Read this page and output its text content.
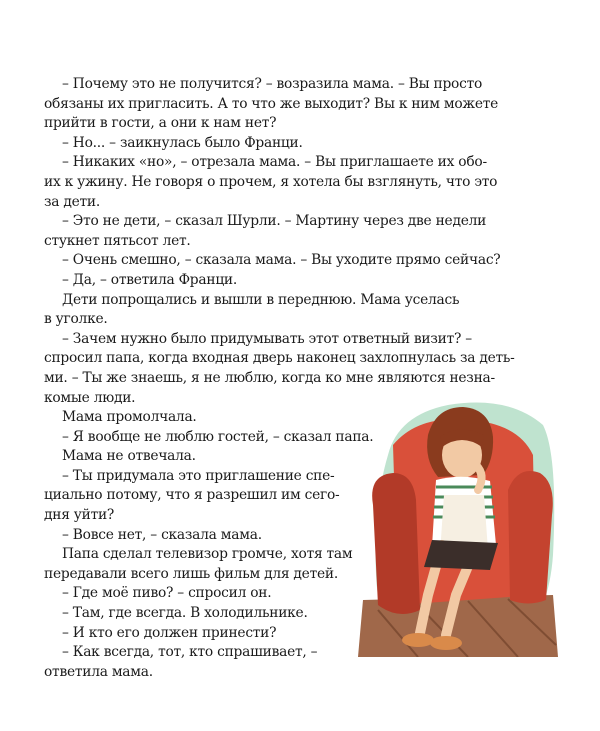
– Почему это не получится? – возразила мама. – Вы просто

обязаны их пригласить. А то что же выходит? Вы к ним можете

прийти в гости, а они к нам нет?

– Но... – заикнулась было Франци.

– Никаких «но», – отрезала мама. – Вы приглашаете их обо-

их к ужину. Не говоря о прочем, я хотела бы взглянуть, что это

за дети.

– Это не дети, – сказал Шурли. – Мартину через две недели

стукнет пятьсот лет.

– Очень смешно, – сказала мама. – Вы уходите прямо сейчас?

– Да, – ответила Франци.

Дети попрощались и вышли в переднюю. Мама уселась

в уголке.

– Зачем нужно было придумывать этот ответный визит? –

спросил папа, когда входная дверь наконец захлопнулась за деть-

ми. – Ты же знаешь, я не люблю, когда ко мне являются незна-

комые люди.

Мама промолчала.

– Я вообще не люблю гостей, – сказал папа.

Мама не отвечала.

– Ты придумала это приглашение спе-

циально потому, что я разрешил им сего-

дня уйти?

– Вовсе нет, – сказала мама.

Папа сделал телевизор громче, хотя там

передавали всего лишь фильм для детей.

– Где моё пиво? – спросил он.

– Там, где всегда. В холодильнике.

– И кто его должен принести?

– Как всегда, тот, кто спрашивает, –

ответила мама.
